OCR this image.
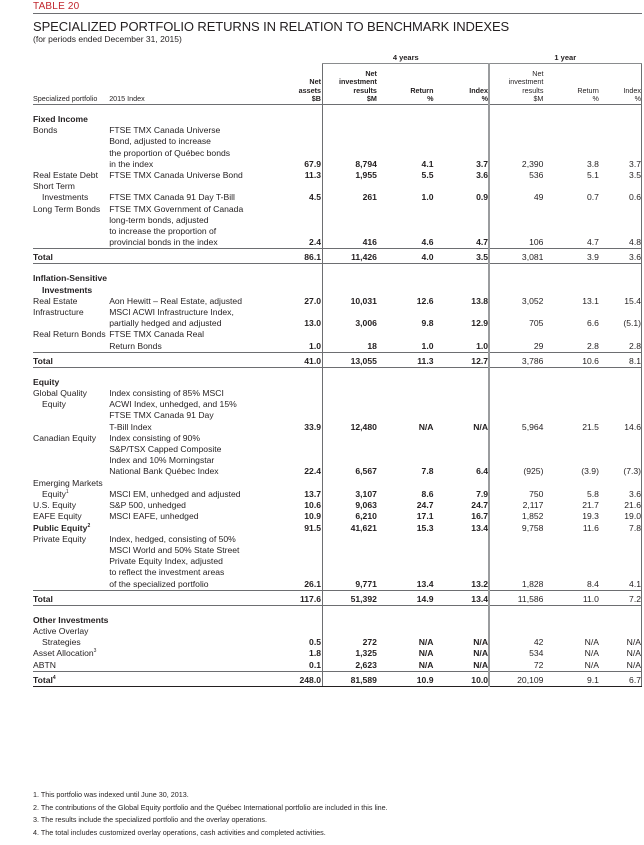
TABLE 20
SPECIALIZED PORTFOLIO RETURNS IN RELATION TO BENCHMARK INDEXES
(for periods ended December 31, 2015)
			4 years			1 year		
Specialized portfolio	2015 Index	Net
assets
$B	Net
investment
results
$M	Return
%	Index
%	Net
investment
results
$M	Return
%	Index
%

Fixed Income								

Bonds	FTSE TMX Canada Universe
Bond, adjusted to increase
the proportion of Québec bonds
in the index	67.9	8,794	4.1	3.7	2,390	3.8	3.7

Real Estate Debt	FTSE TMX Canada Universe Bond	11.3	1,955	5.5	3.6	536	5.1	3.5

Short Term
Investments	FTSE TMX Canada 91 Day T-Bill	4.5	261	1.0	0.9	49	0.7	0.6

Long Term Bonds	FTSE TMX Government of Canada
long-term bonds, adjusted
to increase the proportion of
provincial bonds in the index	2.4	416	4.6	4.7	106	4.7	4.8
Total		86.1	11,426	4.0	3.5	3,081	3.9	3.6

Inflation-Sensitive
Investments								

Real Estate	Aon Hewitt – Real Estate, adjusted	27.0	10,031	12.6	13.8	3,052	13.1	15.4

Infrastructure	MSCI ACWI Infrastructure Index,
partially hedged and adjusted	13.0	3,006	9.8	12.9	705	6.6	(5.1)

Real Return Bonds	FTSE TMX Canada Real
Return Bonds	1.0	18	1.0	1.0	29	2.8	2.8
Total		41.0	13,055	11.3	12.7	3,786	10.6	8.1

Equity								

Global Quality
Equity	Index consisting of 85% MSCI
ACWI Index, unhedged, and 15%
FTSE TMX Canada 91 Day
T-Bill Index	33.9	12,480	N/A	N/A	5,964	21.5	14.6

Canadian Equity	Index consisting of 90%
S&P/TSX Capped Composite
Index and 10% Morningstar
National Bank Québec Index	22.4	6,567	7.8	6.4	(925)	(3.9)	(7.3)

Emerging Markets
Equity$^1$	MSCI EM, unhedged and adjusted	13.7	3,107	8.6	7.9	750	5.8	3.6

U.S. Equity	S&P 500, unhedged	10.6	9,063	24.7	24.7	2,117	21.7	21.6

EAFE Equity	MSCI EAFE, unhedged	10.9	6,210	17.1	16.7	1,852	19.3	19.0

Public Equity$^2$		91.5	41,621	15.3	13.4	9,758	11.6	7.8

Private Equity	Index, hedged, consisting of 50%
MSCI World and 50% State Street
Private Equity Index, adjusted
to reflect the investment areas
of the specialized portfolio	26.1	9,771	13.4	13.2	1,828	8.4	4.1
Total		117.6	51,392	14.9	13.4	11,586	11.0	7.2

Other Investments								

Active Overlay
Strategies		0.5	272	N/A	N/A	42	N/A	N/A

Asset Allocation$^3$		1.8	1,325	N/A	N/A	534	N/A	N/A

ABTN		0.1	2,623	N/A	N/A	72	N/A	N/A
Total$^4$		248.0	81,589	10.9	10.0	20,109	9.1	6.7
1. This portfolio was indexed until June 30, 2013.
2. The contributions of the Global Equity portfolio and the Québec International portfolio are included in this line.
3. The results include the specialized portfolio and the overlay operations.
4. The total includes customized overlay operations, cash activities and completed activities.
